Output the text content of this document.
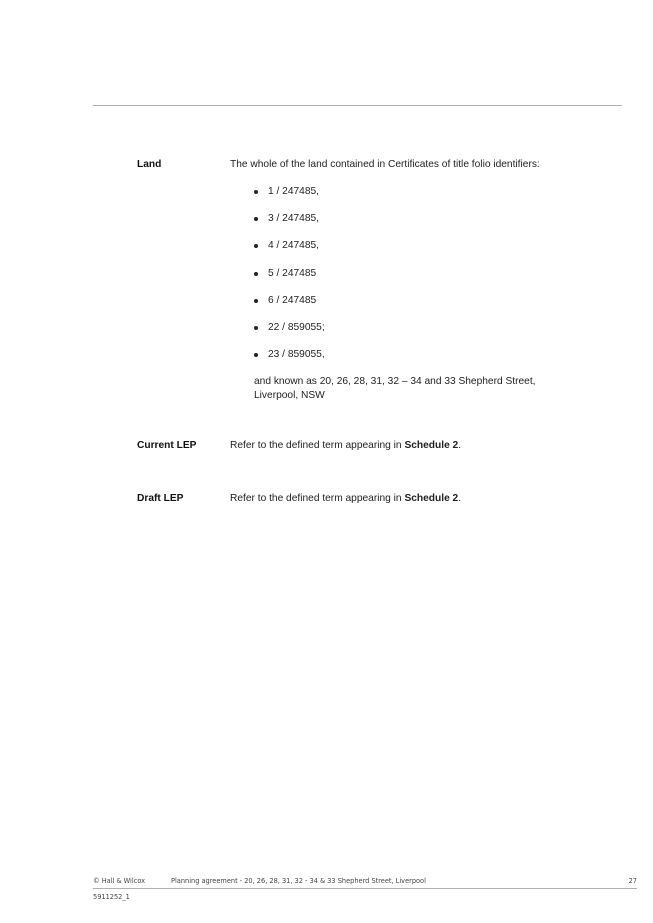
Land	The whole of the land contained in Certificates of title folio identifiers:
1 / 247485,
3 / 247485,
4 / 247485,
5 / 247485
6 / 247485
22 / 859055;
23 / 859055,
and known as 20, 26, 28, 31, 32 – 34 and 33 Shepherd Street, Liverpool, NSW
Current LEP	Refer to the defined term appearing in Schedule 2.
Draft LEP	Refer to the defined term appearing in Schedule 2.
© Hall & Wilcox	Planning agreement - 20, 26, 28, 31, 32 - 34 & 33 Shepherd Street, Liverpool	27
5911252_1
